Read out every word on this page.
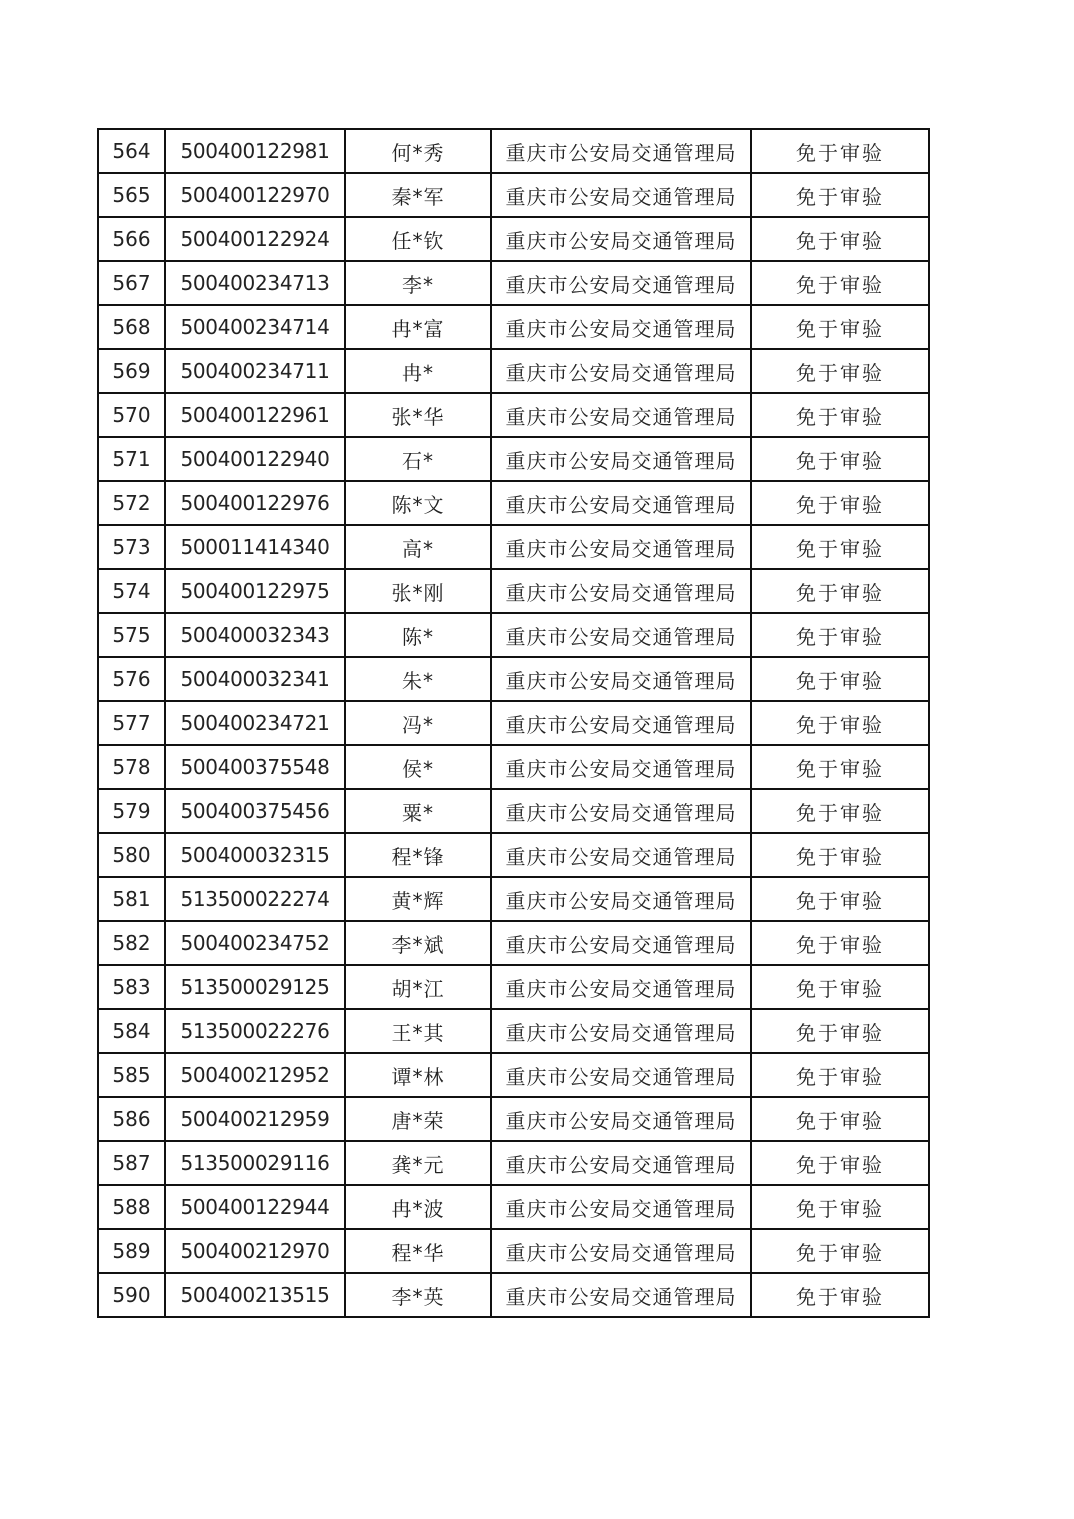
564	500400122981	何*秀	重庆市公安局交通管理局	免于审验
565	500400122970	秦*军	重庆市公安局交通管理局	免于审验
566	500400122924	任*钦	重庆市公安局交通管理局	免于审验
567	500400234713	李*	重庆市公安局交通管理局	免于审验
568	500400234714	冉*富	重庆市公安局交通管理局	免于审验
569	500400234711	冉*	重庆市公安局交通管理局	免于审验
570	500400122961	张*华	重庆市公安局交通管理局	免于审验
571	500400122940	石*	重庆市公安局交通管理局	免于审验
572	500400122976	陈*文	重庆市公安局交通管理局	免于审验
573	500011414340	高*	重庆市公安局交通管理局	免于审验
574	500400122975	张*刚	重庆市公安局交通管理局	免于审验
575	500400032343	陈*	重庆市公安局交通管理局	免于审验
576	500400032341	朱*	重庆市公安局交通管理局	免于审验
577	500400234721	冯*	重庆市公安局交通管理局	免于审验
578	500400375548	侯*	重庆市公安局交通管理局	免于审验
579	500400375456	粟*	重庆市公安局交通管理局	免于审验
580	500400032315	程*锋	重庆市公安局交通管理局	免于审验
581	513500022274	黄*辉	重庆市公安局交通管理局	免于审验
582	500400234752	李*斌	重庆市公安局交通管理局	免于审验
583	513500029125	胡*江	重庆市公安局交通管理局	免于审验
584	513500022276	王*其	重庆市公安局交通管理局	免于审验
585	500400212952	谭*林	重庆市公安局交通管理局	免于审验
586	500400212959	唐*荣	重庆市公安局交通管理局	免于审验
587	513500029116	龚*元	重庆市公安局交通管理局	免于审验
588	500400122944	冉*波	重庆市公安局交通管理局	免于审验
589	500400212970	程*华	重庆市公安局交通管理局	免于审验
590	500400213515	李*英	重庆市公安局交通管理局	免于审验
